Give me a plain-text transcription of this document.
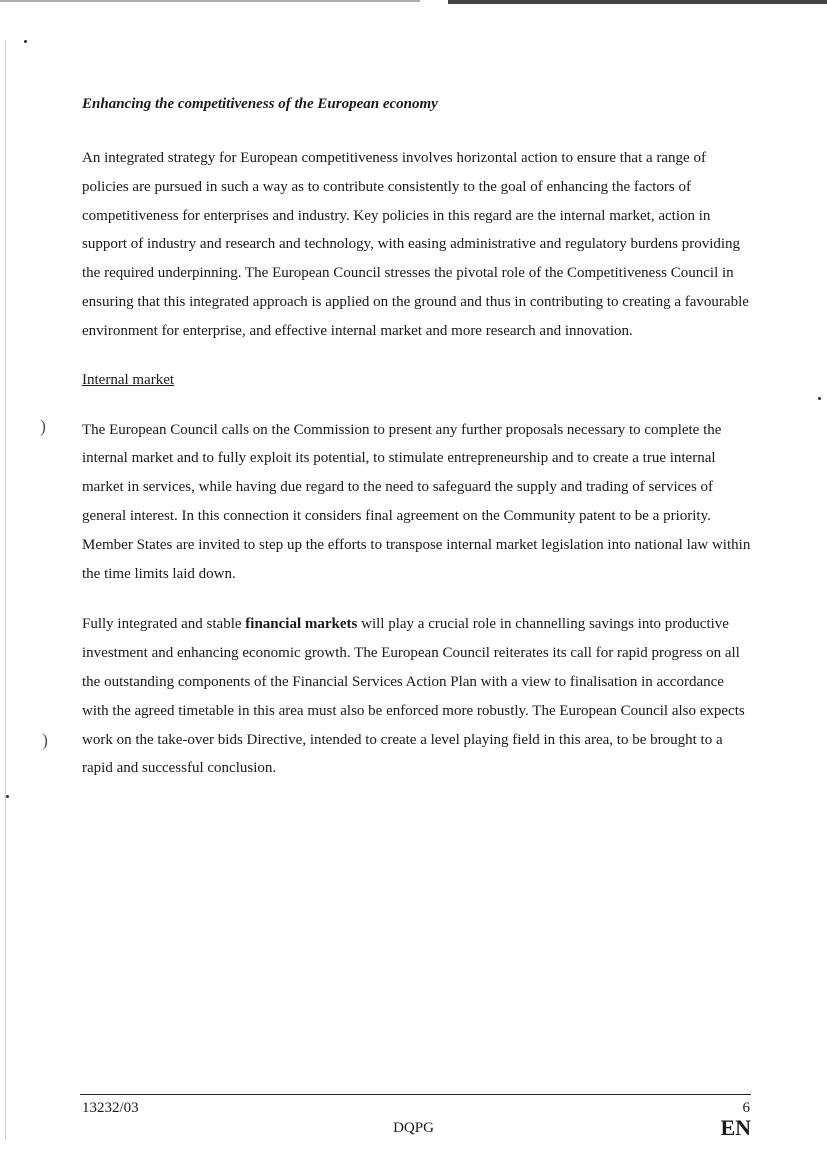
)
)
Enhancing the competitiveness of the European economy

An integrated strategy for European competitiveness involves horizontal action to ensure that a range of policies are pursued in such a way as to contribute consistently to the goal of enhancing the factors of competitiveness for enterprises and industry. Key policies in this regard are the internal market, action in support of industry and research and technology, with easing administrative and regulatory burdens providing the required underpinning. The European Council stresses the pivotal role of the Competitiveness Council in ensuring that this integrated approach is applied on the ground and thus in contributing to creating a favourable environment for enterprise, and effective internal market and more research and innovation.

Internal market

The European Council calls on the Commission to present any further proposals necessary to complete the internal market and to fully exploit its potential, to stimulate entrepreneurship and to create a true internal market in services, while having due regard to the need to safeguard the supply and trading of services of general interest. In this connection it considers final agreement on the Community patent to be a priority. Member States are invited to step up the efforts to transpose internal market legislation into national law within the time limits laid down.

Fully integrated and stable financial markets will play a crucial role in channelling savings into productive investment and enhancing economic growth. The European Council reiterates its call for rapid progress on all the outstanding components of the Financial Services Action Plan with a view to finalisation in accordance with the agreed timetable in this area must also be enforced more robustly. The European Council also expects work on the take-over bids Directive, intended to create a level playing field in this area, to be brought to a rapid and successful conclusion.

13232/03
DQPG
6
EN
